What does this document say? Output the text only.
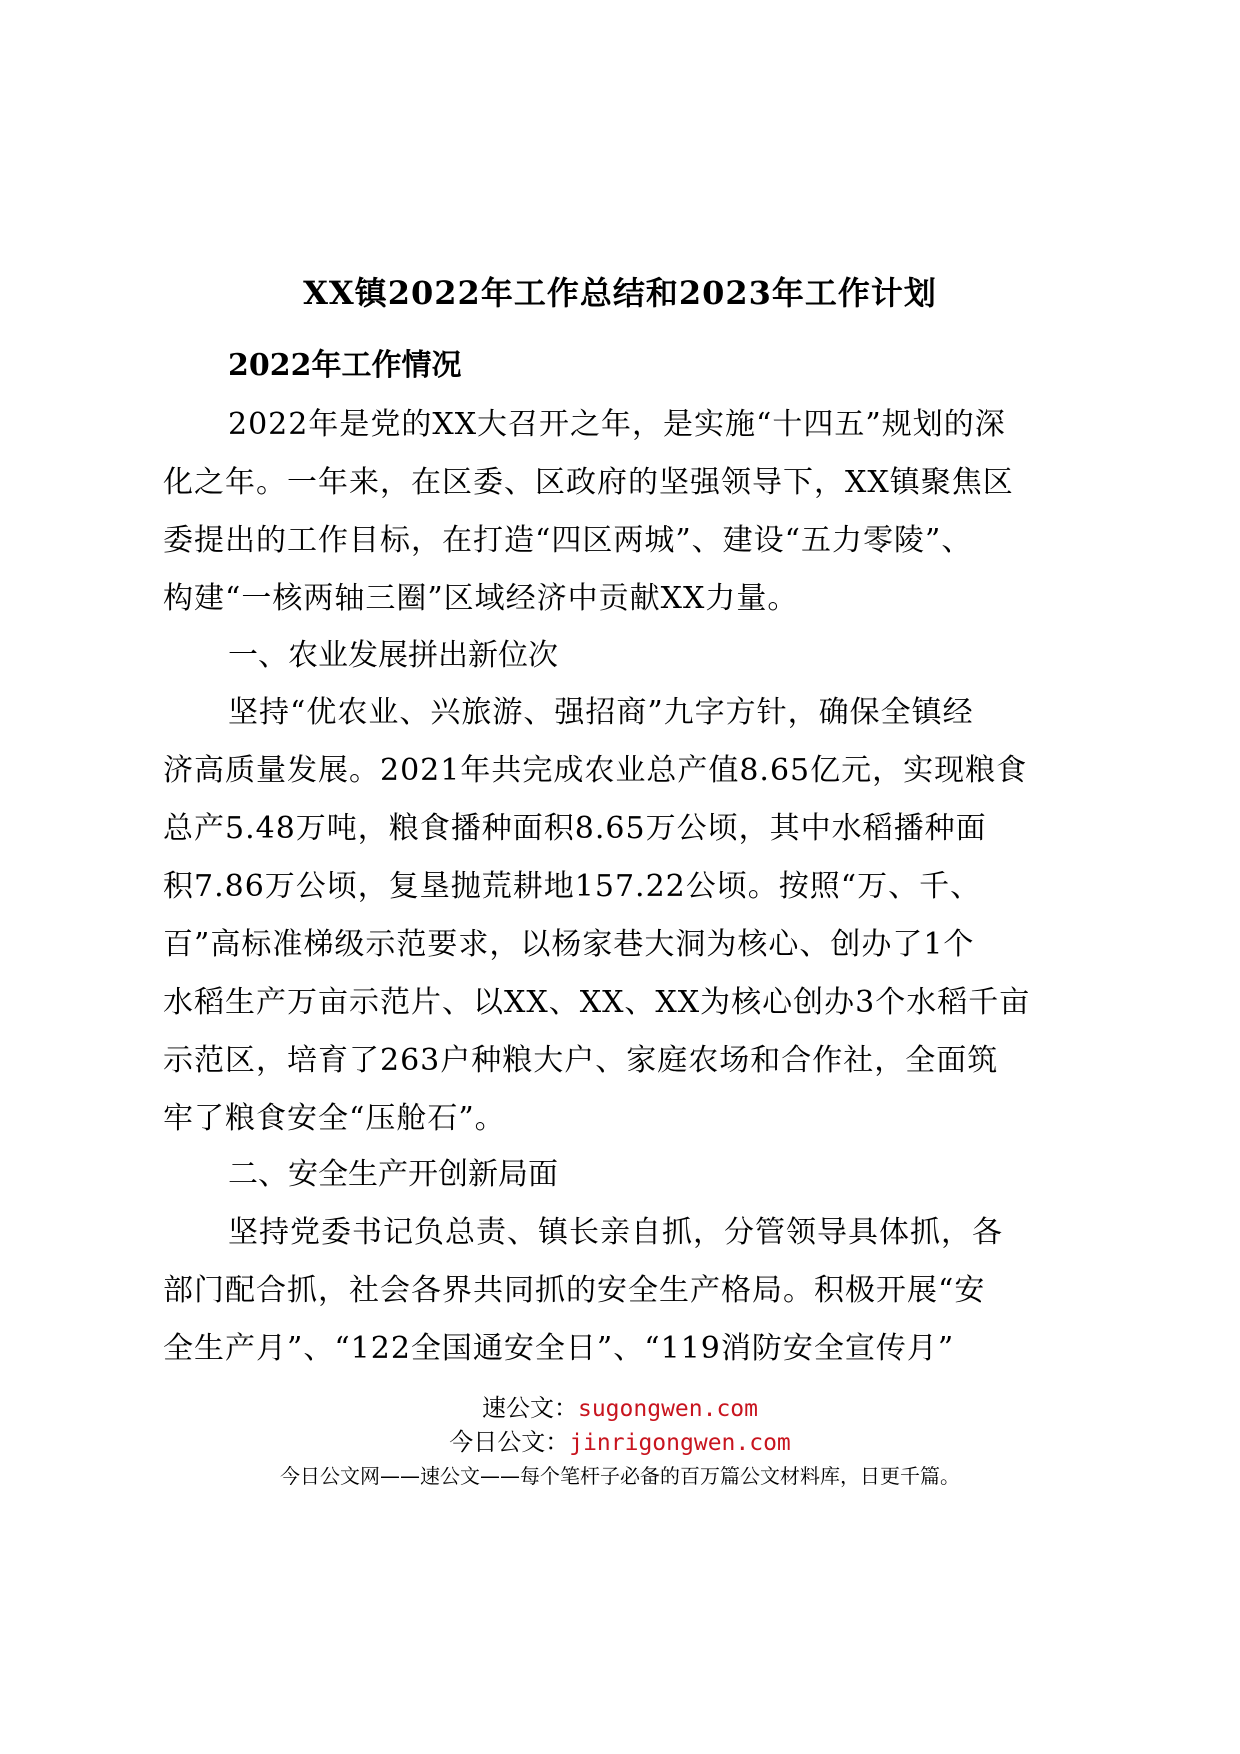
XX镇2022年工作总结和2023年工作计划
2022年工作情况
2022年是党的XX大召开之年，是实施“十四五”规划的深
化之年。一年来，在区委、区政府的坚强领导下，XX镇聚焦区
委提出的工作目标，在打造“四区两城”、建设“五力零陵”、
构建“一核两轴三圈”区域经济中贡献XX力量。
一、农业发展拼出新位次
坚持“优农业、兴旅游、强招商”九字方针，确保全镇经
济高质量发展。2021年共完成农业总产值8.65亿元，实现粮食
总产5.48万吨，粮食播种面积8.65万公顷，其中水稻播种面
积7.86万公顷，复垦抛荒耕地157.22公顷。按照“万、千、
百”高标准梯级示范要求，以杨家巷大洞为核心、创办了1个
水稻生产万亩示范片、以XX、XX、XX为核心创办3个水稻千亩
示范区，培育了263户种粮大户、家庭农场和合作社，全面筑
牢了粮食安全“压舱石”。
二、安全生产开创新局面
坚持党委书记负总责、镇长亲自抓，分管领导具体抓，各
部门配合抓，社会各界共同抓的安全生产格局。积极开展“安
全生产月”、“122全国通安全日”、“119消防安全宣传月”
速公文：sugongwen.com
今日公文：jinrigongwen.com
今日公文网——速公文——每个笔杆子必备的百万篇公文材料库，日更千篇。
